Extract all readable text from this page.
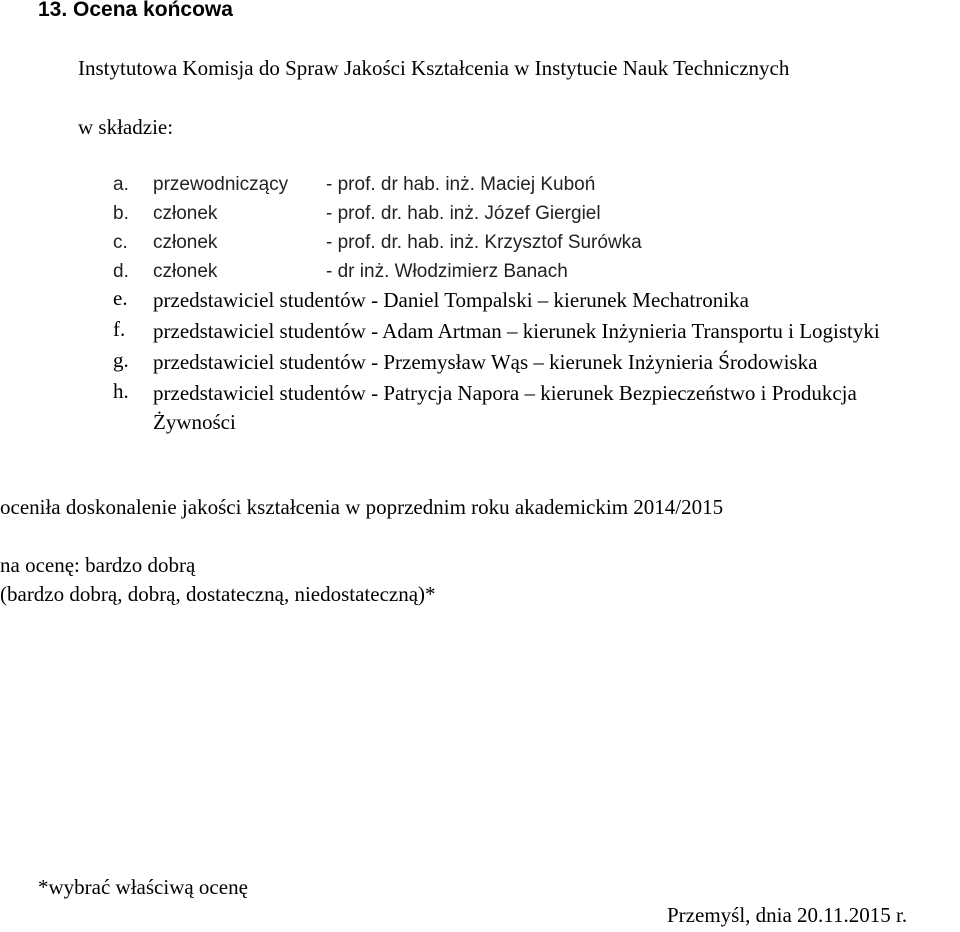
13. Ocena końcowa
Instytutowa Komisja do Spraw Jakości Kształcenia w Instytucie Nauk Technicznych
w składzie:
a.	przewodniczący	- prof. dr hab. inż. Maciej Kuboń
b.	członek	- prof. dr. hab. inż. Józef Giergiel
c.	członek	- prof. dr. hab. inż. Krzysztof Surówka
d.	członek	- dr inż. Włodzimierz Banach
e.	przedstawiciel studentów - Daniel Tompalski – kierunek Mechatronika
f.	przedstawiciel studentów - Adam Artman – kierunek Inżynieria Transportu i Logistyki
g.	przedstawiciel studentów - Przemysław Wąs – kierunek Inżynieria Środowiska
h.	przedstawiciel studentów - Patrycja Napora – kierunek Bezpieczeństwo i Produkcja Żywności
oceniła doskonalenie jakości kształcenia w poprzednim roku akademickim 2014/2015
na ocenę: bardzo dobrą
(bardzo dobrą, dobrą, dostateczną, niedostateczną)*
*wybrać właściwą ocenę
Przemyśl, dnia 20.11.2015 r.
